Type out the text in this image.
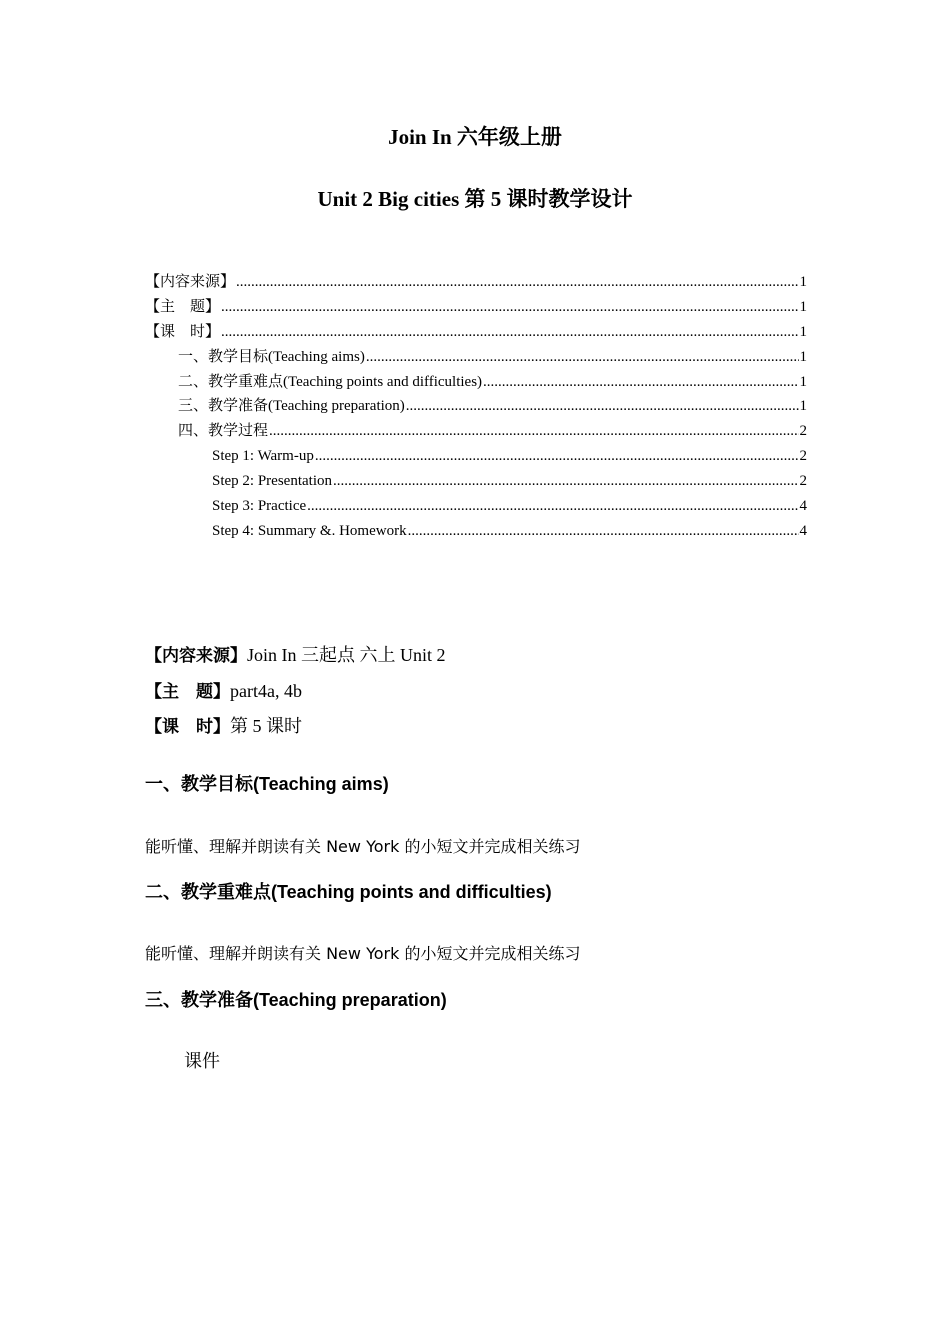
Join In 六年级上册
Unit 2 Big cities 第 5 课时教学设计
【内容来源】 .....	1
【主　题】 .....	1
【课　时】 .....	1
一、教学目标(Teaching aims) .....	1
二、教学重难点(Teaching points and difficulties) .....	1
三、教学准备(Teaching preparation) .....	1
四、教学过程 .....	2
Step 1: Warm-up .....	2
Step 2: Presentation .....	2
Step 3: Practice .....	4
Step 4: Summary &. Homework .....	4
【内容来源】Join In 三起点 六上 Unit 2
【主　题】part4a, 4b
【课　时】第 5 课时
一、教学目标(Teaching aims)
能听懂、理解并朗读有关 New York 的小短文并完成相关练习
二、教学重难点(Teaching points and difficulties)
能听懂、理解并朗读有关 New York 的小短文并完成相关练习
三、教学准备(Teaching preparation)
课件
